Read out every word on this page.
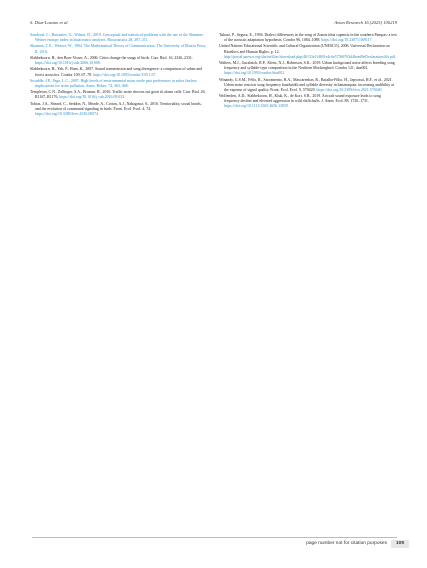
S. Díaz-Lozano et al.	Avian Research 16 (2025) 100219

Sandoval, L., Barrantes, G., Wilson, D., 2019. Conceptual and statistical problems with the use of the Shannon-Weiner entropy index in bioacoustic analyses. Bioacoustics 28, 297–311.

Shannon, C.E., Weaver, W., 1964. The Mathematical Theory of Communication. The University of Illinois Press, IL USA.

Slabbekoorn, H., den Boer-Visser, A., 2006. Cities change the songs of birds. Curr. Biol. 16, 2326–2331. https://doi.org/10.1016/j.cub.2006.10.008.

Slabbekoorn, H., Yeh, P., Hunt, K., 2007. Sound transmission and song divergence: a comparison of urban and forest acoustics. Condor 109, 67–78. https://doi.org/10.1093/condor/109.1.67.

Swaddle, J.P., Page, L.C., 2007. High levels of environmental noise erode pair preferences in zebra finches: implications for noise pollution. Anim. Behav. 74, 363–368.

Templeton, C.N., Zollinger, S.A., Brumm, H., 2016. Traffic noise drowns out great tit alarm calls. Curr. Biol. 26, R1167–R1176. https://doi.org/10.1016/j.cub.2016.09.032.

Tobias, J.A., Sheard, C., Seddon, N., Meade, A., Cotton, A.J., Nakagawa, S., 2016. Territoriality, social bonds, and the evolution of communal signaling in birds. Front. Ecol. Evol. 4, 74. https://doi.org/10.3389/fevo.2016.00074.

Tubaro, P., Segura, E., 1994. Dialect differences in the song of Zonotrichia capensis in the southern Pampas: a test of the acoustic adaptation hypothesis. Condor 96, 1084–1088. https://doi.org/10.2307/1369117.

United Nations Educational Scientific and Cultural Organization (UNESCO), 2006. Universal Declaration on Bioethics and Human Rights, p. 12. http://portal.unesco.org/shs/en/files/download.php/46133e1f4691e4c6e57566763d4beed9eDeclaration/dfs.pdf.

Walters, M.J., Guralnick, R.P., Kleist, N.J., Robinson, S.K., 2019. Urban background noise affects breeding song frequency and syllable-type composition in the Northern Mockingbird. Condor 121, duz002. https://doi.org/10.1093/condor/duz002.

Winandy, G.S.M., Félix, R., Sacramento, R.A., Mascarenhas, R., Batalha-Filho, H., Japyassú, H.F., et al., 2021. Urban noise restricts song frequency bandwidth and syllable diversity in bananaquits: increasing audibility at the expense of signal quality. Front. Ecol. Evol. 9, 570420. https://doi.org/10.3389/fevo.2021.570420.

Wolfenden, A.D., Slabbekoorn, H., Kluk, K., de Kort, S.R., 2019. Aircraft sound exposure leads to song frequency decline and elevated aggression in wild chiffchaffs. J. Anim. Ecol. 88, 1720–1731. https://doi.org/10.1111/1365-2656.13059.

page number not for citation purposes	109
